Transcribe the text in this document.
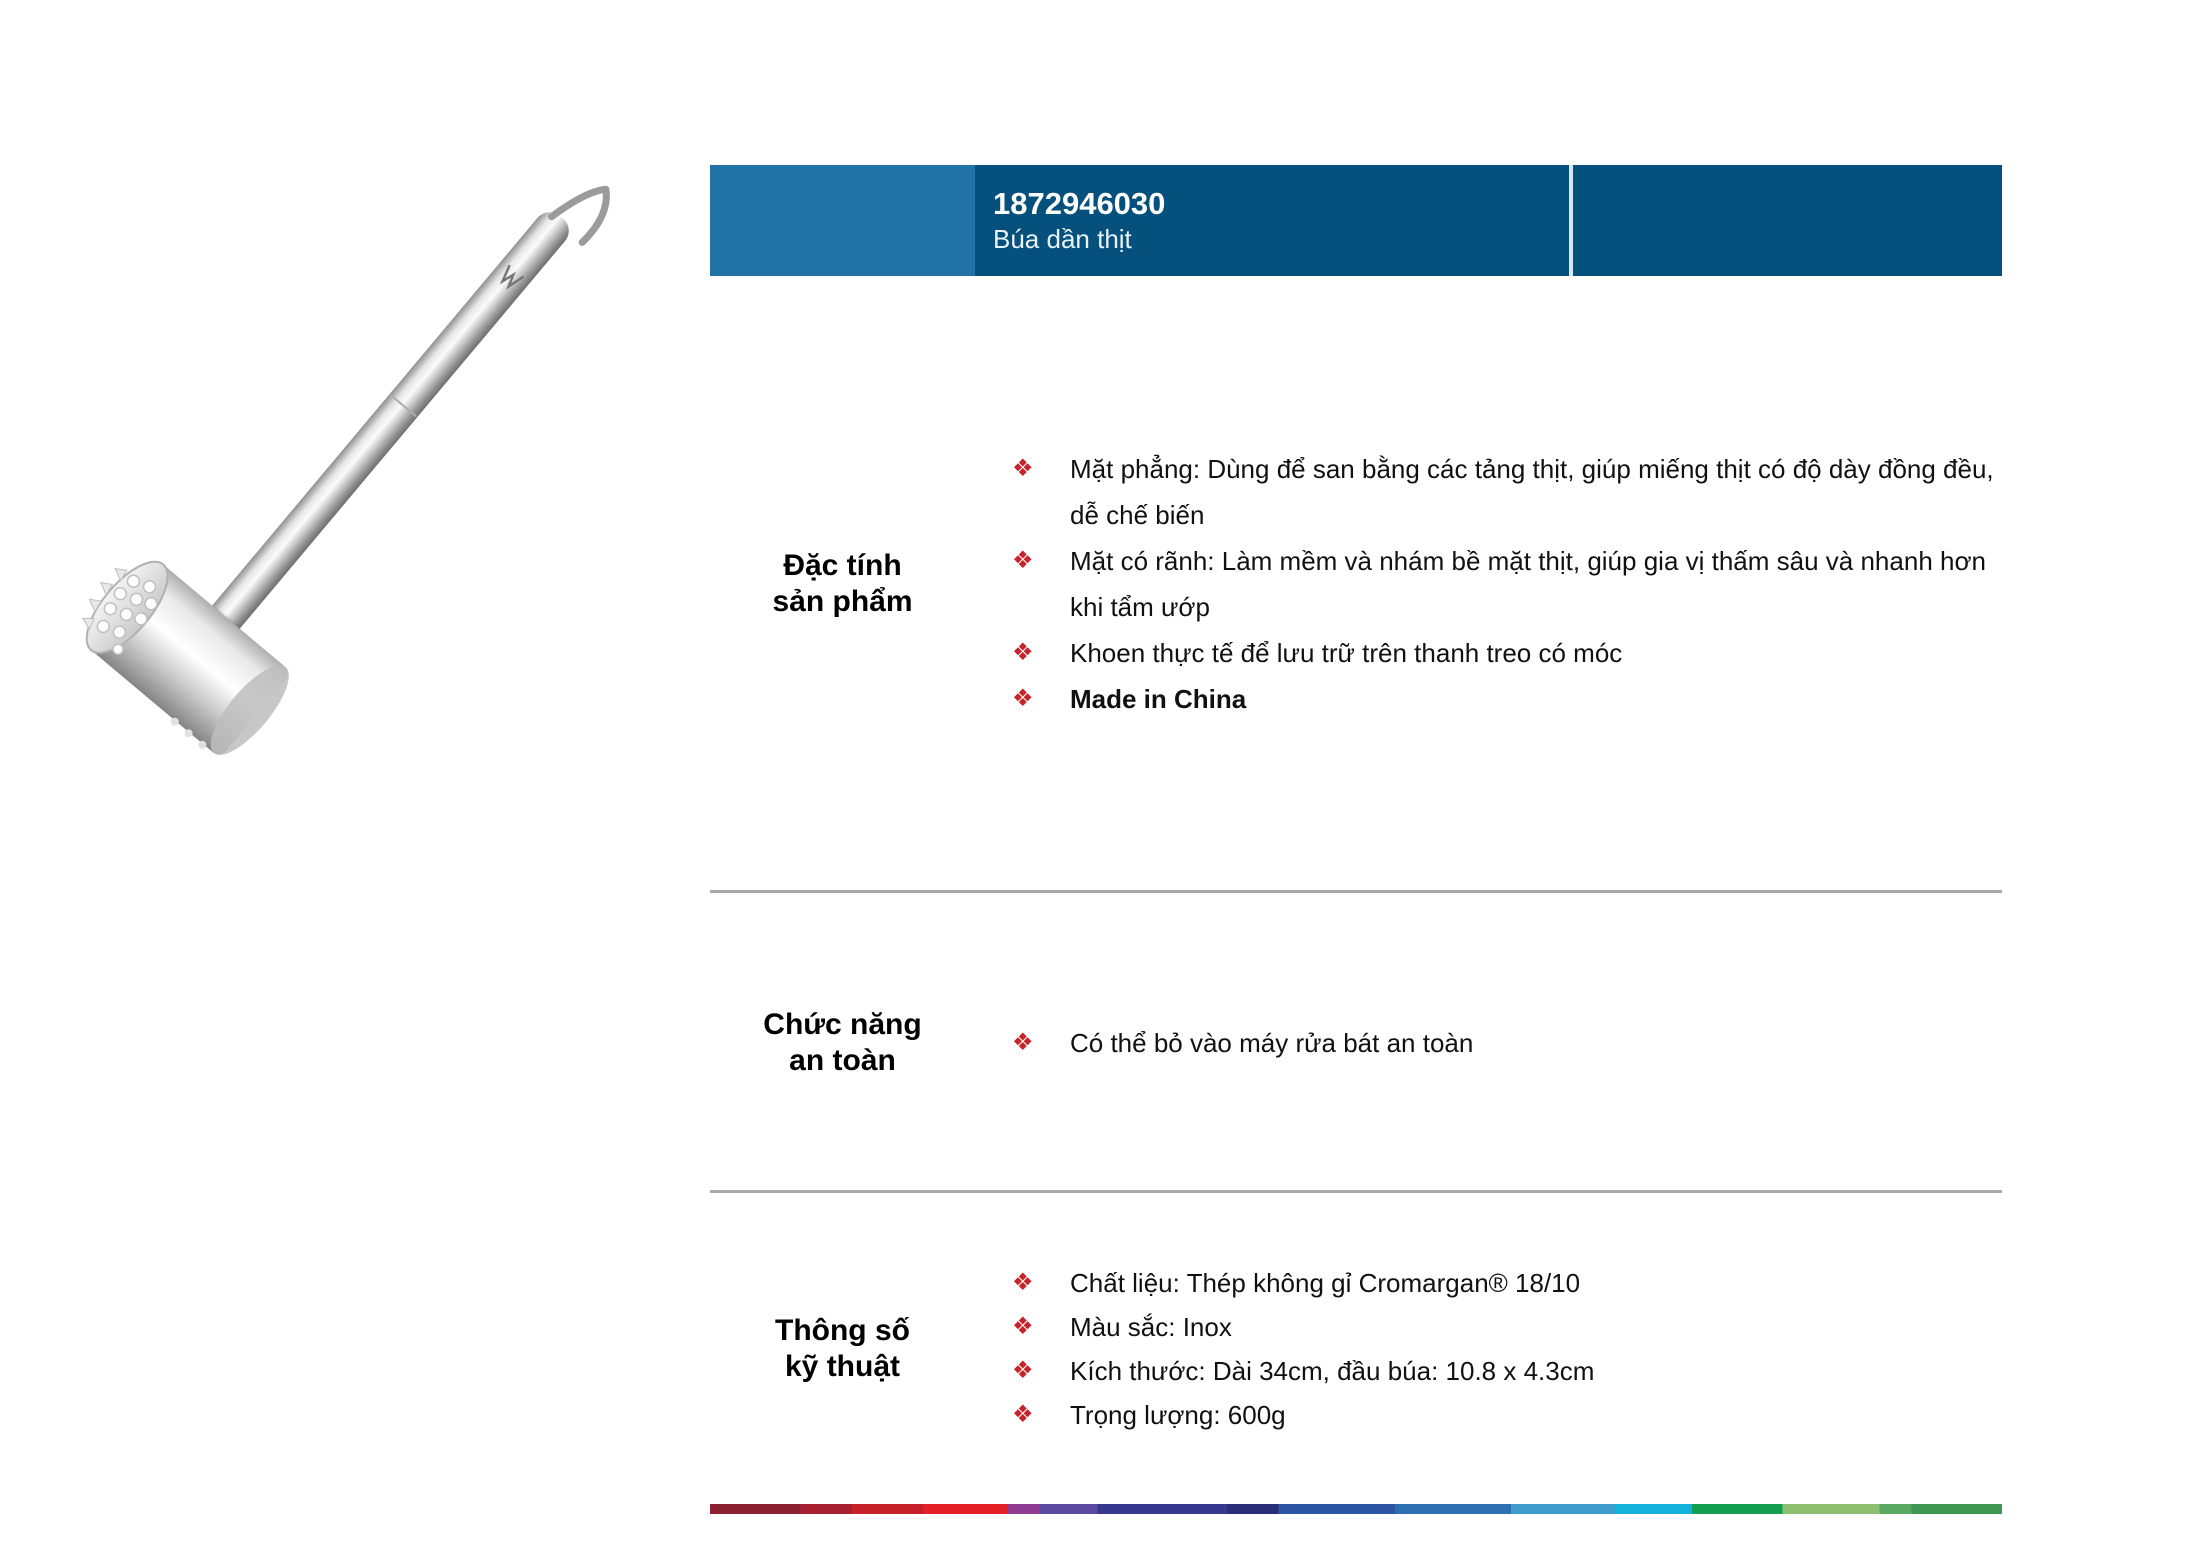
1872946030
Búa dần thịt
Đặc tính
sản phẩm
❖	Mặt phẳng: Dùng để san bằng các tảng thịt, giúp miếng thịt có độ dày đồng đều, dễ chế biến
❖	Mặt có rãnh: Làm mềm và nhám bề mặt thịt, giúp gia vị thấm sâu và nhanh hơn khi tẩm ướp
❖	Khoen thực tế để lưu trữ trên thanh treo có móc
❖	Made in China
Chức năng
an toàn
❖	Có thể bỏ vào máy rửa bát an toàn
Thông số
kỹ thuật
❖	Chất liệu: Thép không gỉ Cromargan® 18/10
❖	Màu sắc: Inox
❖	Kích thước: Dài 34cm, đầu búa: 10.8 x 4.3cm
❖	Trọng lượng: 600g
